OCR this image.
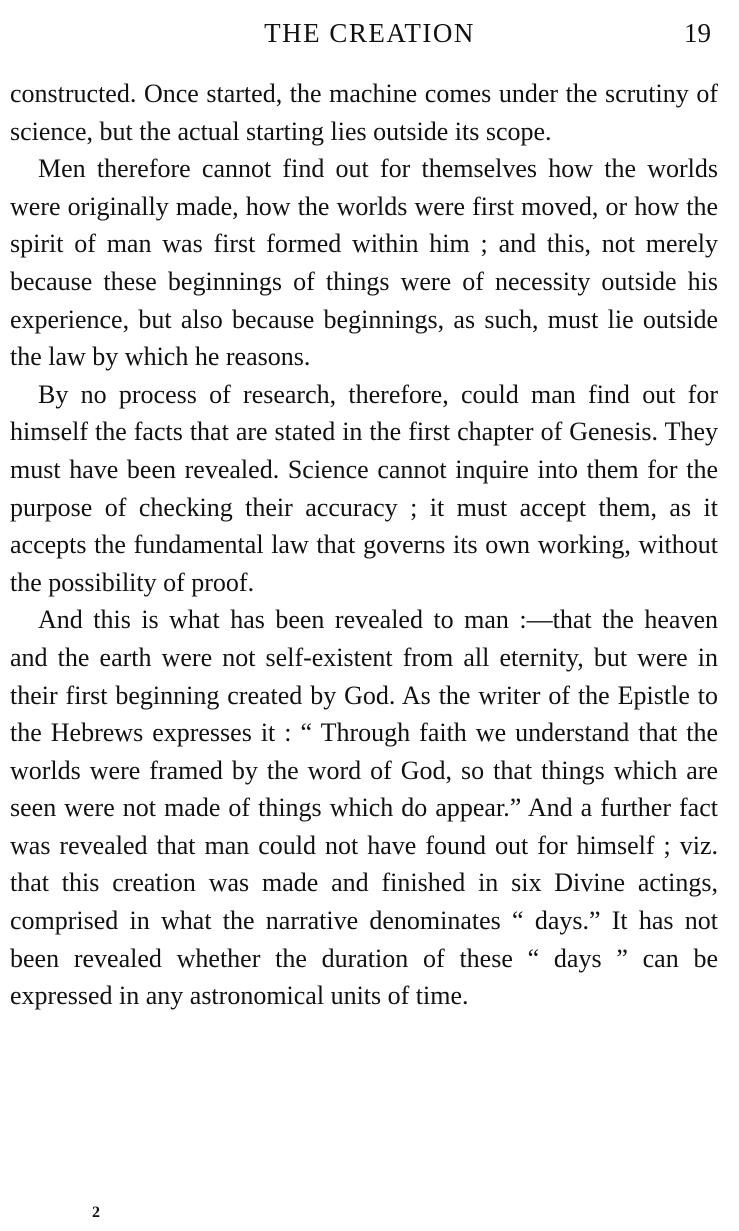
THE CREATION	19

constructed. Once started, the machine comes under the scrutiny of science, but the actual starting lies outside its scope.

Men therefore cannot find out for themselves how the worlds were originally made, how the worlds were first moved, or how the spirit of man was first formed within him ; and this, not merely because these beginnings of things were of necessity outside his experience, but also because beginnings, as such, must lie outside the law by which he reasons.

By no process of research, therefore, could man find out for himself the facts that are stated in the first chapter of Genesis. They must have been revealed. Science cannot inquire into them for the purpose of checking their accuracy ; it must accept them, as it accepts the fundamental law that governs its own working, without the possibility of proof.

And this is what has been revealed to man :—that the heaven and the earth were not self-existent from all eternity, but were in their first beginning created by God. As the writer of the Epistle to the Hebrews expresses it : “ Through faith we understand that the worlds were framed by the word of God, so that things which are seen were not made of things which do appear.” And a further fact was revealed that man could not have found out for himself ; viz. that this creation was made and finished in six Divine actings, comprised in what the narrative denominates “ days.” It has not been revealed whether the duration of these “ days ” can be expressed in any astronomical units of time.

2
